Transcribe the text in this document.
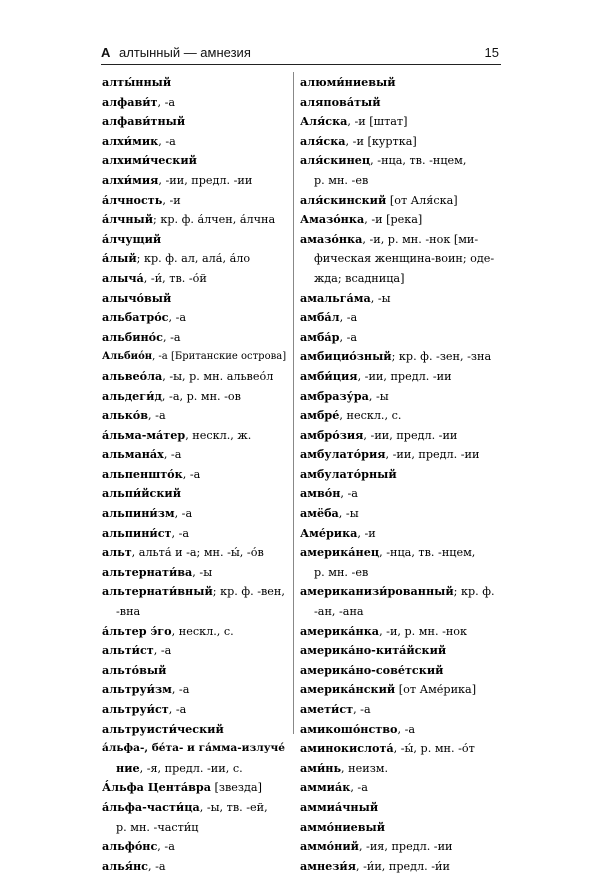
А алтынный — амнезия	15
алты́нный
алфави́т, -а
алфави́тный
алхи́мик, -а
алхими́ческий
алхи́мия, -ии, предл. -ии
а́лчность, -и
а́лчный; кр. ф. а́лчен, а́лчна
а́лчущий
а́лый; кр. ф. ал, ала́, а́ло
алыча́, -и́, тв. -о́й
алычо́вый
альбатро́с, -а
альбино́с, -а
Альбио́н, -а [Британские острова]
альвео́ла, -ы, р. мн. альвео́л
альдеги́д, -а, р. мн. -ов
алько́в, -а
а́льма-ма́тер, нескл., ж.
альмана́х, -а
альпеншто́к, -а
альпи́йский
альпини́зм, -а
альпини́ст, -а
альт, альта́ и -а; мн. -ы́, -о́в
альтернати́ва, -ы
альтернати́вный; кр. ф. -вен,
-вна
а́льтер э́го, нескл., с.
альти́ст, -а
альто́вый
альтруи́зм, -а
альтруи́ст, -а
альтруисти́ческий
а́льфа-, бе́та- и га́мма-излуче́
ние, -я, предл. -ии, с.
А́льфа Цента́вра [звезда]
а́льфа-части́ца, -ы, тв. -ей,
р. мн. -части́ц
альфо́нс, -а
алья́нс, -а
алюми́ниевый
аляпова́тый
Аля́ска, -и [штат]
аля́ска, -и [куртка]
аля́скинец, -нца, тв. -нцем,
р. мн. -ев
аля́скинский [от Аля́ска]
Амазо́нка, -и [река]
амазо́нка, -и, р. мн. -нок [ми-
фическая женщина-воин; оде-
жда; всадница]
амальга́ма, -ы
амба́л, -а
амба́р, -а
амбицио́зный; кр. ф. -зен, -зна
амби́ция, -ии, предл. -ии
амбразу́ра, -ы
амбре́, нескл., с.
амбро́зия, -ии, предл. -ии
амбулато́рия, -ии, предл. -ии
амбулато́рный
амво́н, -а
амёба, -ы
Аме́рика, -и
америка́нец, -нца, тв. -нцем,
р. мн. -ев
американизи́рованный; кр. ф.
-ан, -ана
америка́нка, -и, р. мн. -нок
америка́но-кита́йский
америка́но-сове́тский
америка́нский [от Аме́рика]
амети́ст, -а
амикошо́нство, -а
аминокислота́, -ы́, р. мн. -о́т
ами́нь, неизм.
аммиа́к, -а
аммиа́чный
аммо́ниевый
аммо́ний, -ия, предл. -ии
амнези́я, -и́и, предл. -и́и
